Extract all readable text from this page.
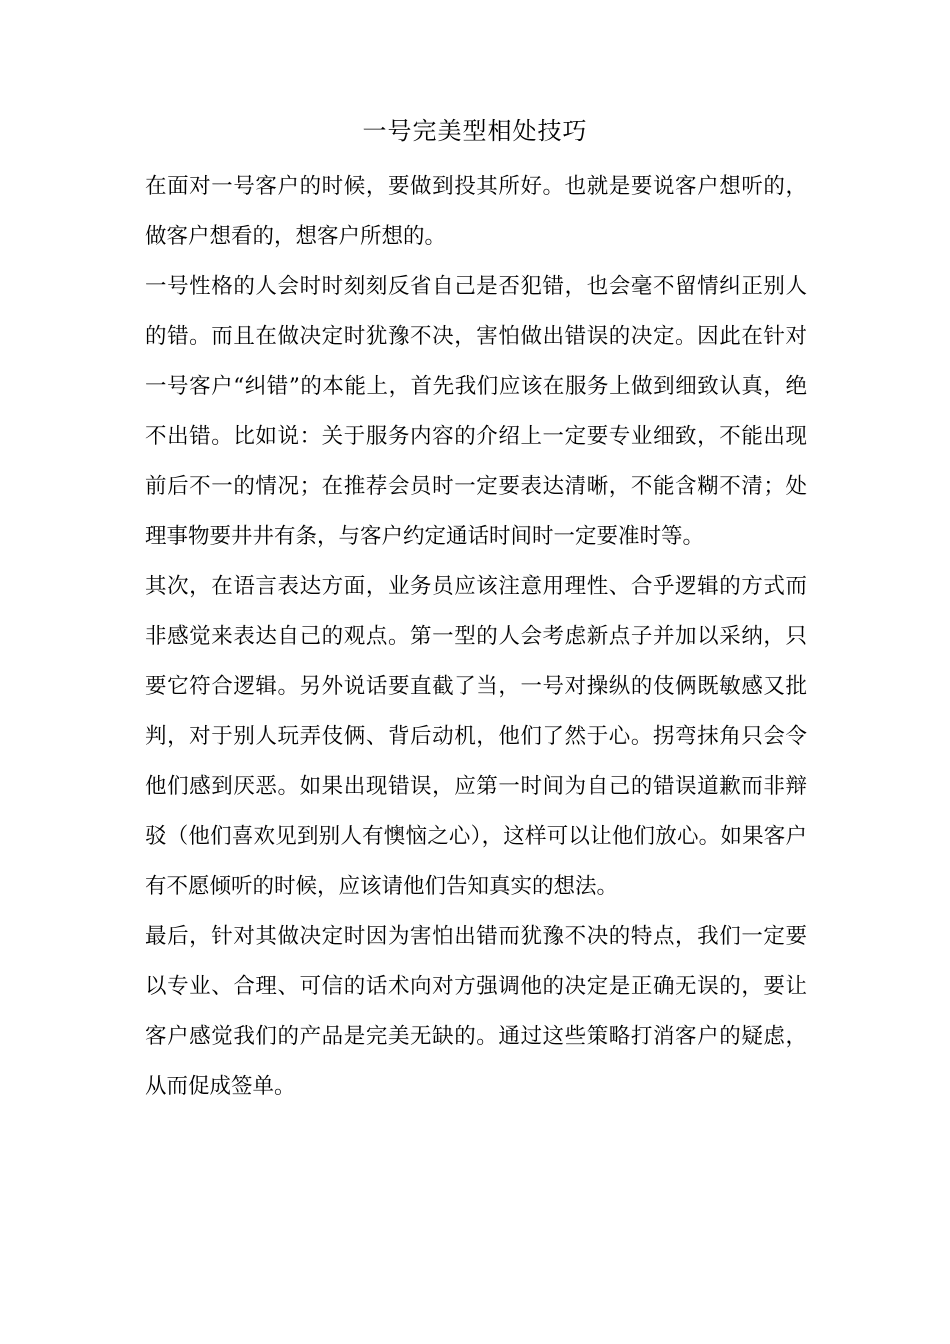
一号完美型相处技巧

在面对一号客户的时候，要做到投其所好。也就是要说客户想听的，做客户想看的，想客户所想的。

一号性格的人会时时刻刻反省自己是否犯错，也会毫不留情纠正别人的错。而且在做决定时犹豫不决，害怕做出错误的决定。因此在针对一号客户“纠错”的本能上，首先我们应该在服务上做到细致认真，绝不出错。比如说：关于服务内容的介绍上一定要专业细致，不能出现前后不一的情况；在推荐会员时一定要表达清晰，不能含糊不清；处理事物要井井有条，与客户约定通话时间时一定要准时等。

其次，在语言表达方面，业务员应该注意用理性、合乎逻辑的方式而非感觉来表达自己的观点。第一型的人会考虑新点子并加以采纳，只要它符合逻辑。另外说话要直截了当，一号对操纵的伎俩既敏感又批判，对于别人玩弄伎俩、背后动机，他们了然于心。拐弯抹角只会令他们感到厌恶。如果出现错误，应第一时间为自己的错误道歉而非辩驳（他们喜欢见到别人有懊恼之心），这样可以让他们放心。如果客户有不愿倾听的时候，应该请他们告知真实的想法。

最后，针对其做决定时因为害怕出错而犹豫不决的特点，我们一定要以专业、合理、可信的话术向对方强调他的决定是正确无误的，要让客户感觉我们的产品是完美无缺的。通过这些策略打消客户的疑虑，从而促成签单。
